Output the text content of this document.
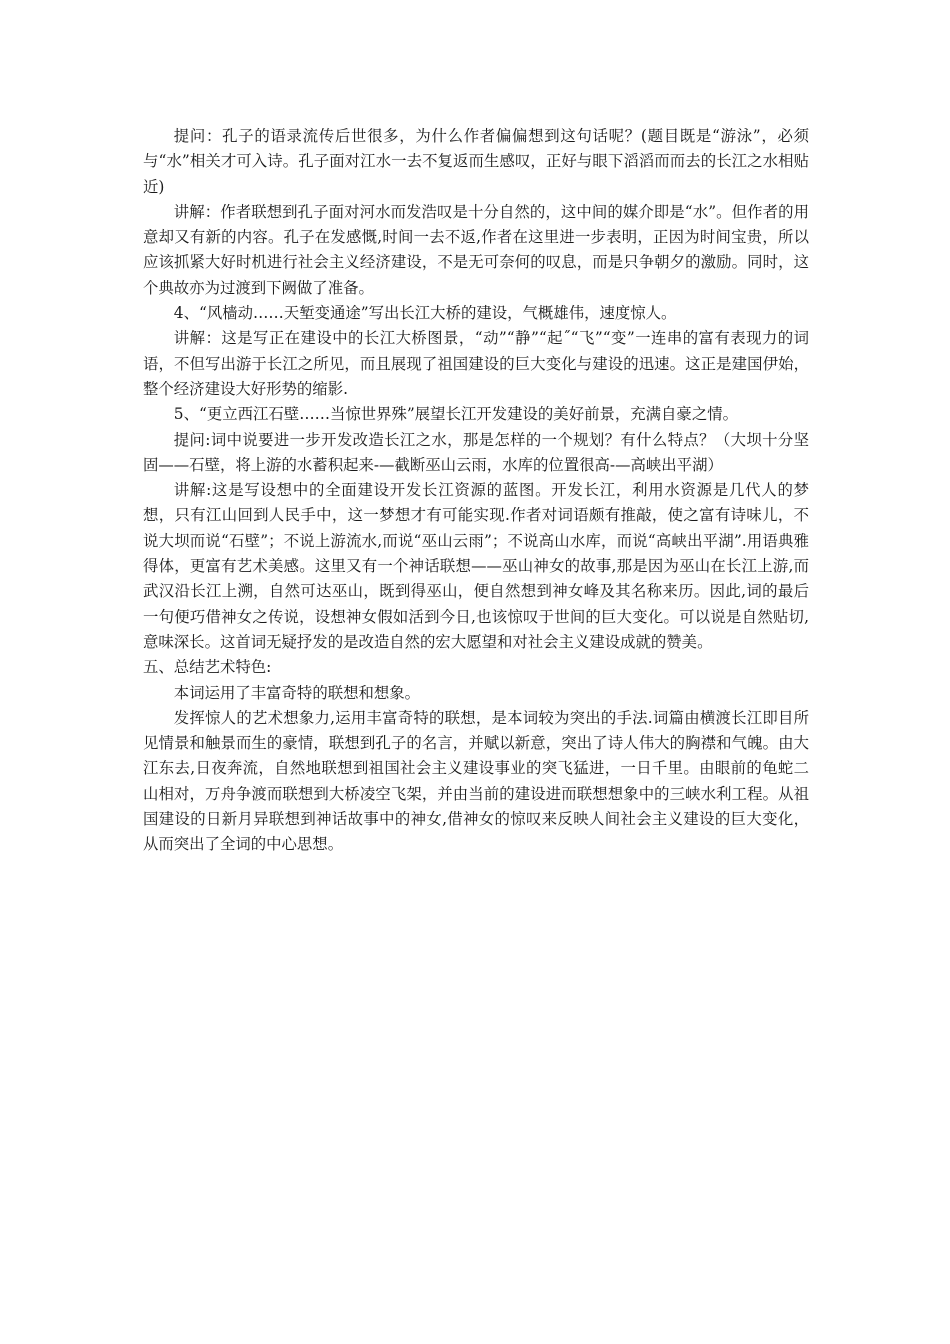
提问：孔子的语录流传后世很多，为什么作者偏偏想到这句话呢？(题目既是“游泳”，必须与“水”相关才可入诗。孔子面对江水一去不复返而生感叹，正好与眼下滔滔而而去的长江之水相贴近)

讲解：作者联想到孔子面对河水而发浩叹是十分自然的，这中间的媒介即是“水”。但作者的用意却又有新的内容。孔子在发感慨,时间一去不返,作者在这里进一步表明，正因为时间宝贵，所以应该抓紧大好时机进行社会主义经济建设，不是无可奈何的叹息，而是只争朝夕的激励。同时，这个典故亦为过渡到下阙做了准备。

4、“风樯动……天堑变通途”写出长江大桥的建设，气概雄伟，速度惊人。

讲解：这是写正在建设中的长江大桥图景，“动”“静”“起˝“飞”“变”一连串的富有表现力的词语，不但写出游于长江之所见，而且展现了祖国建设的巨大变化与建设的迅速。这正是建国伊始，整个经济建设大好形势的缩影.

5、“更立西江石壁……当惊世界殊”展望长江开发建设的美好前景，充满自豪之情。

提问:词中说要进一步开发改造长江之水，那是怎样的一个规划？有什么特点？（大坝十分坚固——石壁，将上游的水蓄积起来-—截断巫山云雨，水库的位置很高-—高峡出平湖）

讲解:这是写设想中的全面建设开发长江资源的蓝图。开发长江，利用水资源是几代人的梦想，只有江山回到人民手中，这一梦想才有可能实现.作者对词语颇有推敲，使之富有诗味儿，不说大坝而说“石壁”；不说上游流水,而说“巫山云雨”；不说高山水库，而说“高峡出平湖”.用语典雅得体，更富有艺术美感。这里又有一个神话联想——巫山神女的故事,那是因为巫山在长江上游,而武汉沿长江上溯，自然可达巫山，既到得巫山，便自然想到神女峰及其名称来历。因此,词的最后一句便巧借神女之传说，设想神女假如活到今日,也该惊叹于世间的巨大变化。可以说是自然贴切,意味深长。这首词无疑抒发的是改造自然的宏大愿望和对社会主义建设成就的赞美。

五、总结艺术特色:

本词运用了丰富奇特的联想和想象。

发挥惊人的艺术想象力,运用丰富奇特的联想，是本词较为突出的手法.词篇由横渡长江即目所见情景和触景而生的豪情，联想到孔子的名言，并赋以新意，突出了诗人伟大的胸襟和气魄。由大江东去,日夜奔流，自然地联想到祖国社会主义建设事业的突飞猛进，一日千里。由眼前的龟蛇二山相对，万舟争渡而联想到大桥凌空飞架，并由当前的建设进而联想想象中的三峡水利工程。从祖国建设的日新月异联想到神话故事中的神女,借神女的惊叹来反映人间社会主义建设的巨大变化，从而突出了全词的中心思想。
